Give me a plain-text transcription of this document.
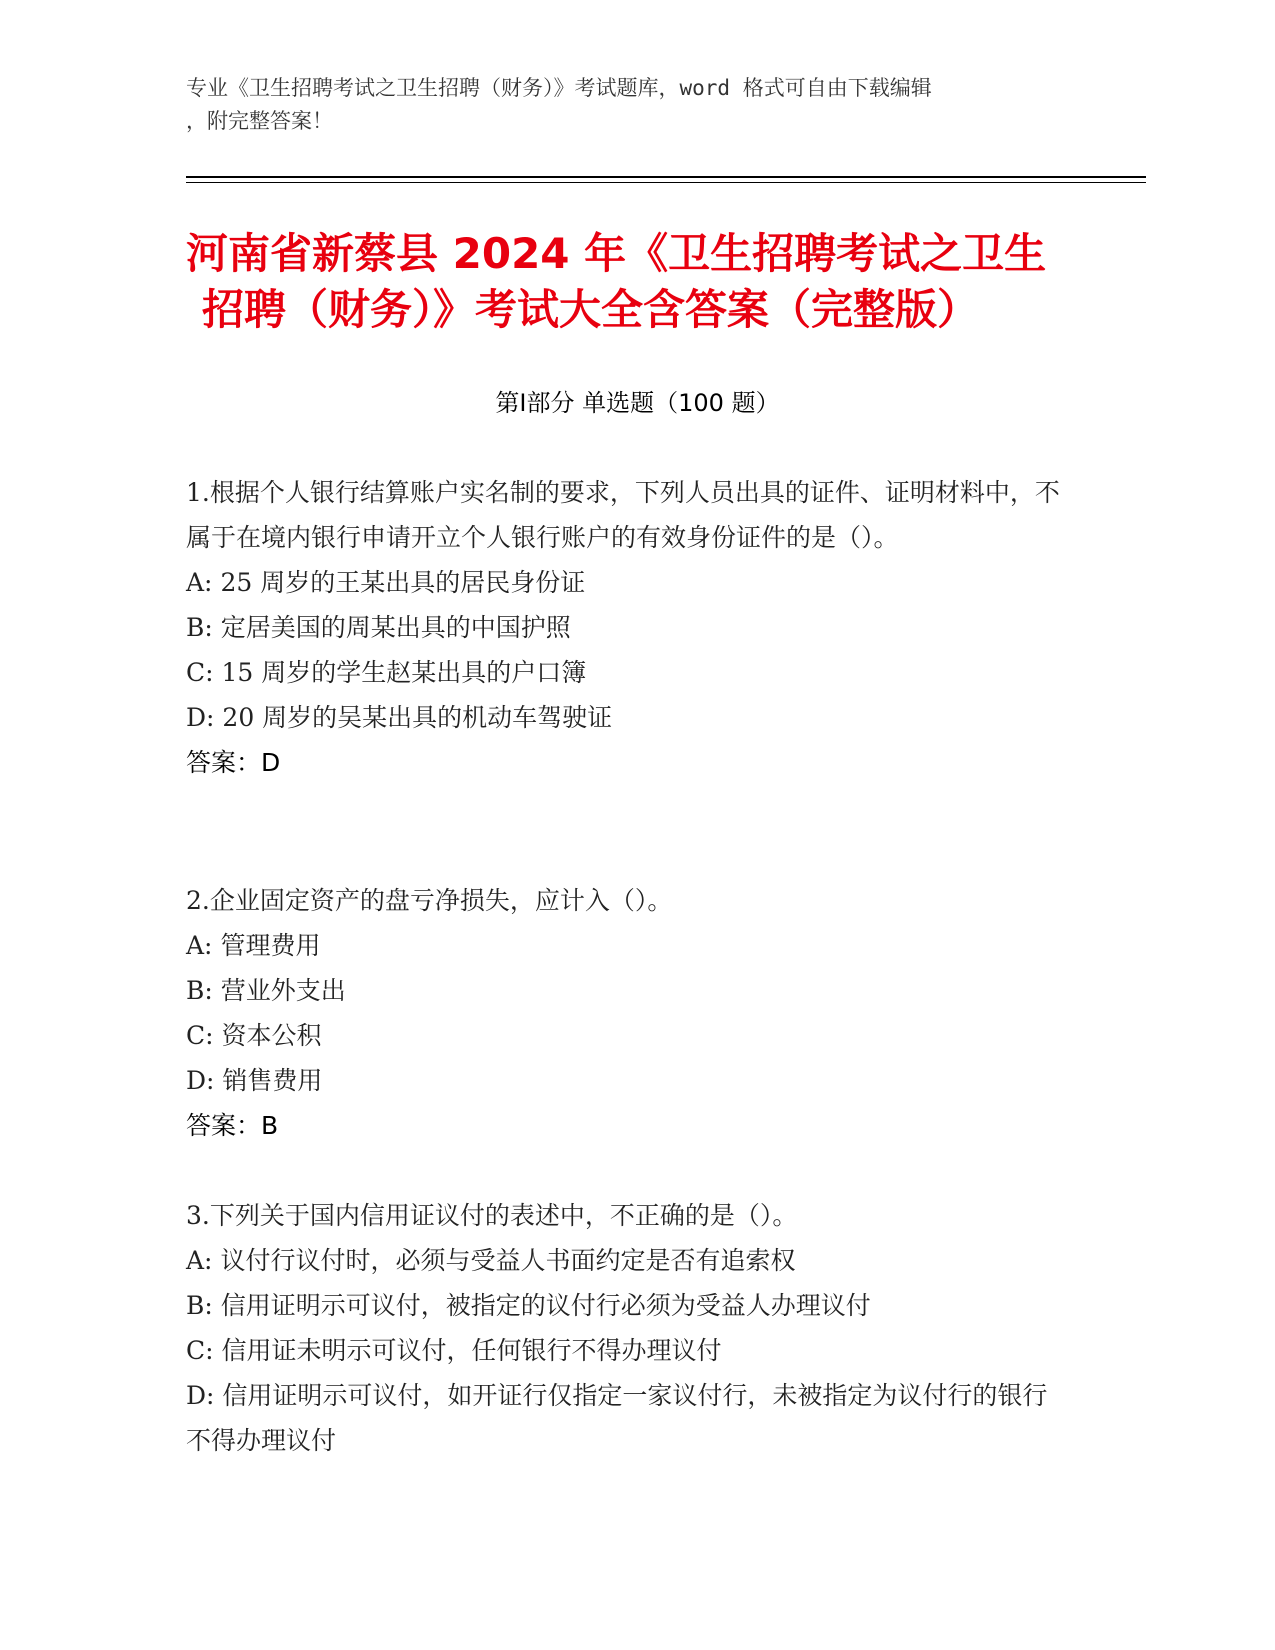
专业《卫生招聘考试之卫生招聘（财务）》考试题库，word 格式可自由下载编辑
，附完整答案！
河南省新蔡县 2024 年《卫生招聘考试之卫生
招聘（财务）》考试大全含答案（完整版）
第Ⅰ部分 单选题（100 题）

1.根据个人银行结算账户实名制的要求，下列人员出具的证件、证明材料中，不属于在境内银行申请开立个人银行账户的有效身份证件的是（）。

A: 25 周岁的王某出具的居民身份证

B: 定居美国的周某出具的中国护照

C: 15 周岁的学生赵某出具的户口簿

D: 20 周岁的吴某出具的机动车驾驶证

答案：D

2.企业固定资产的盘亏净损失，应计入（）。

A: 管理费用

B: 营业外支出

C: 资本公积

D: 销售费用

答案：B

3.下列关于国内信用证议付的表述中，不正确的是（）。

A: 议付行议付时，必须与受益人书面约定是否有追索权

B: 信用证明示可议付，被指定的议付行必须为受益人办理议付

C: 信用证未明示可议付，任何银行不得办理议付

D: 信用证明示可议付，如开证行仅指定一家议付行，未被指定为议付行的银行不得办理议付
